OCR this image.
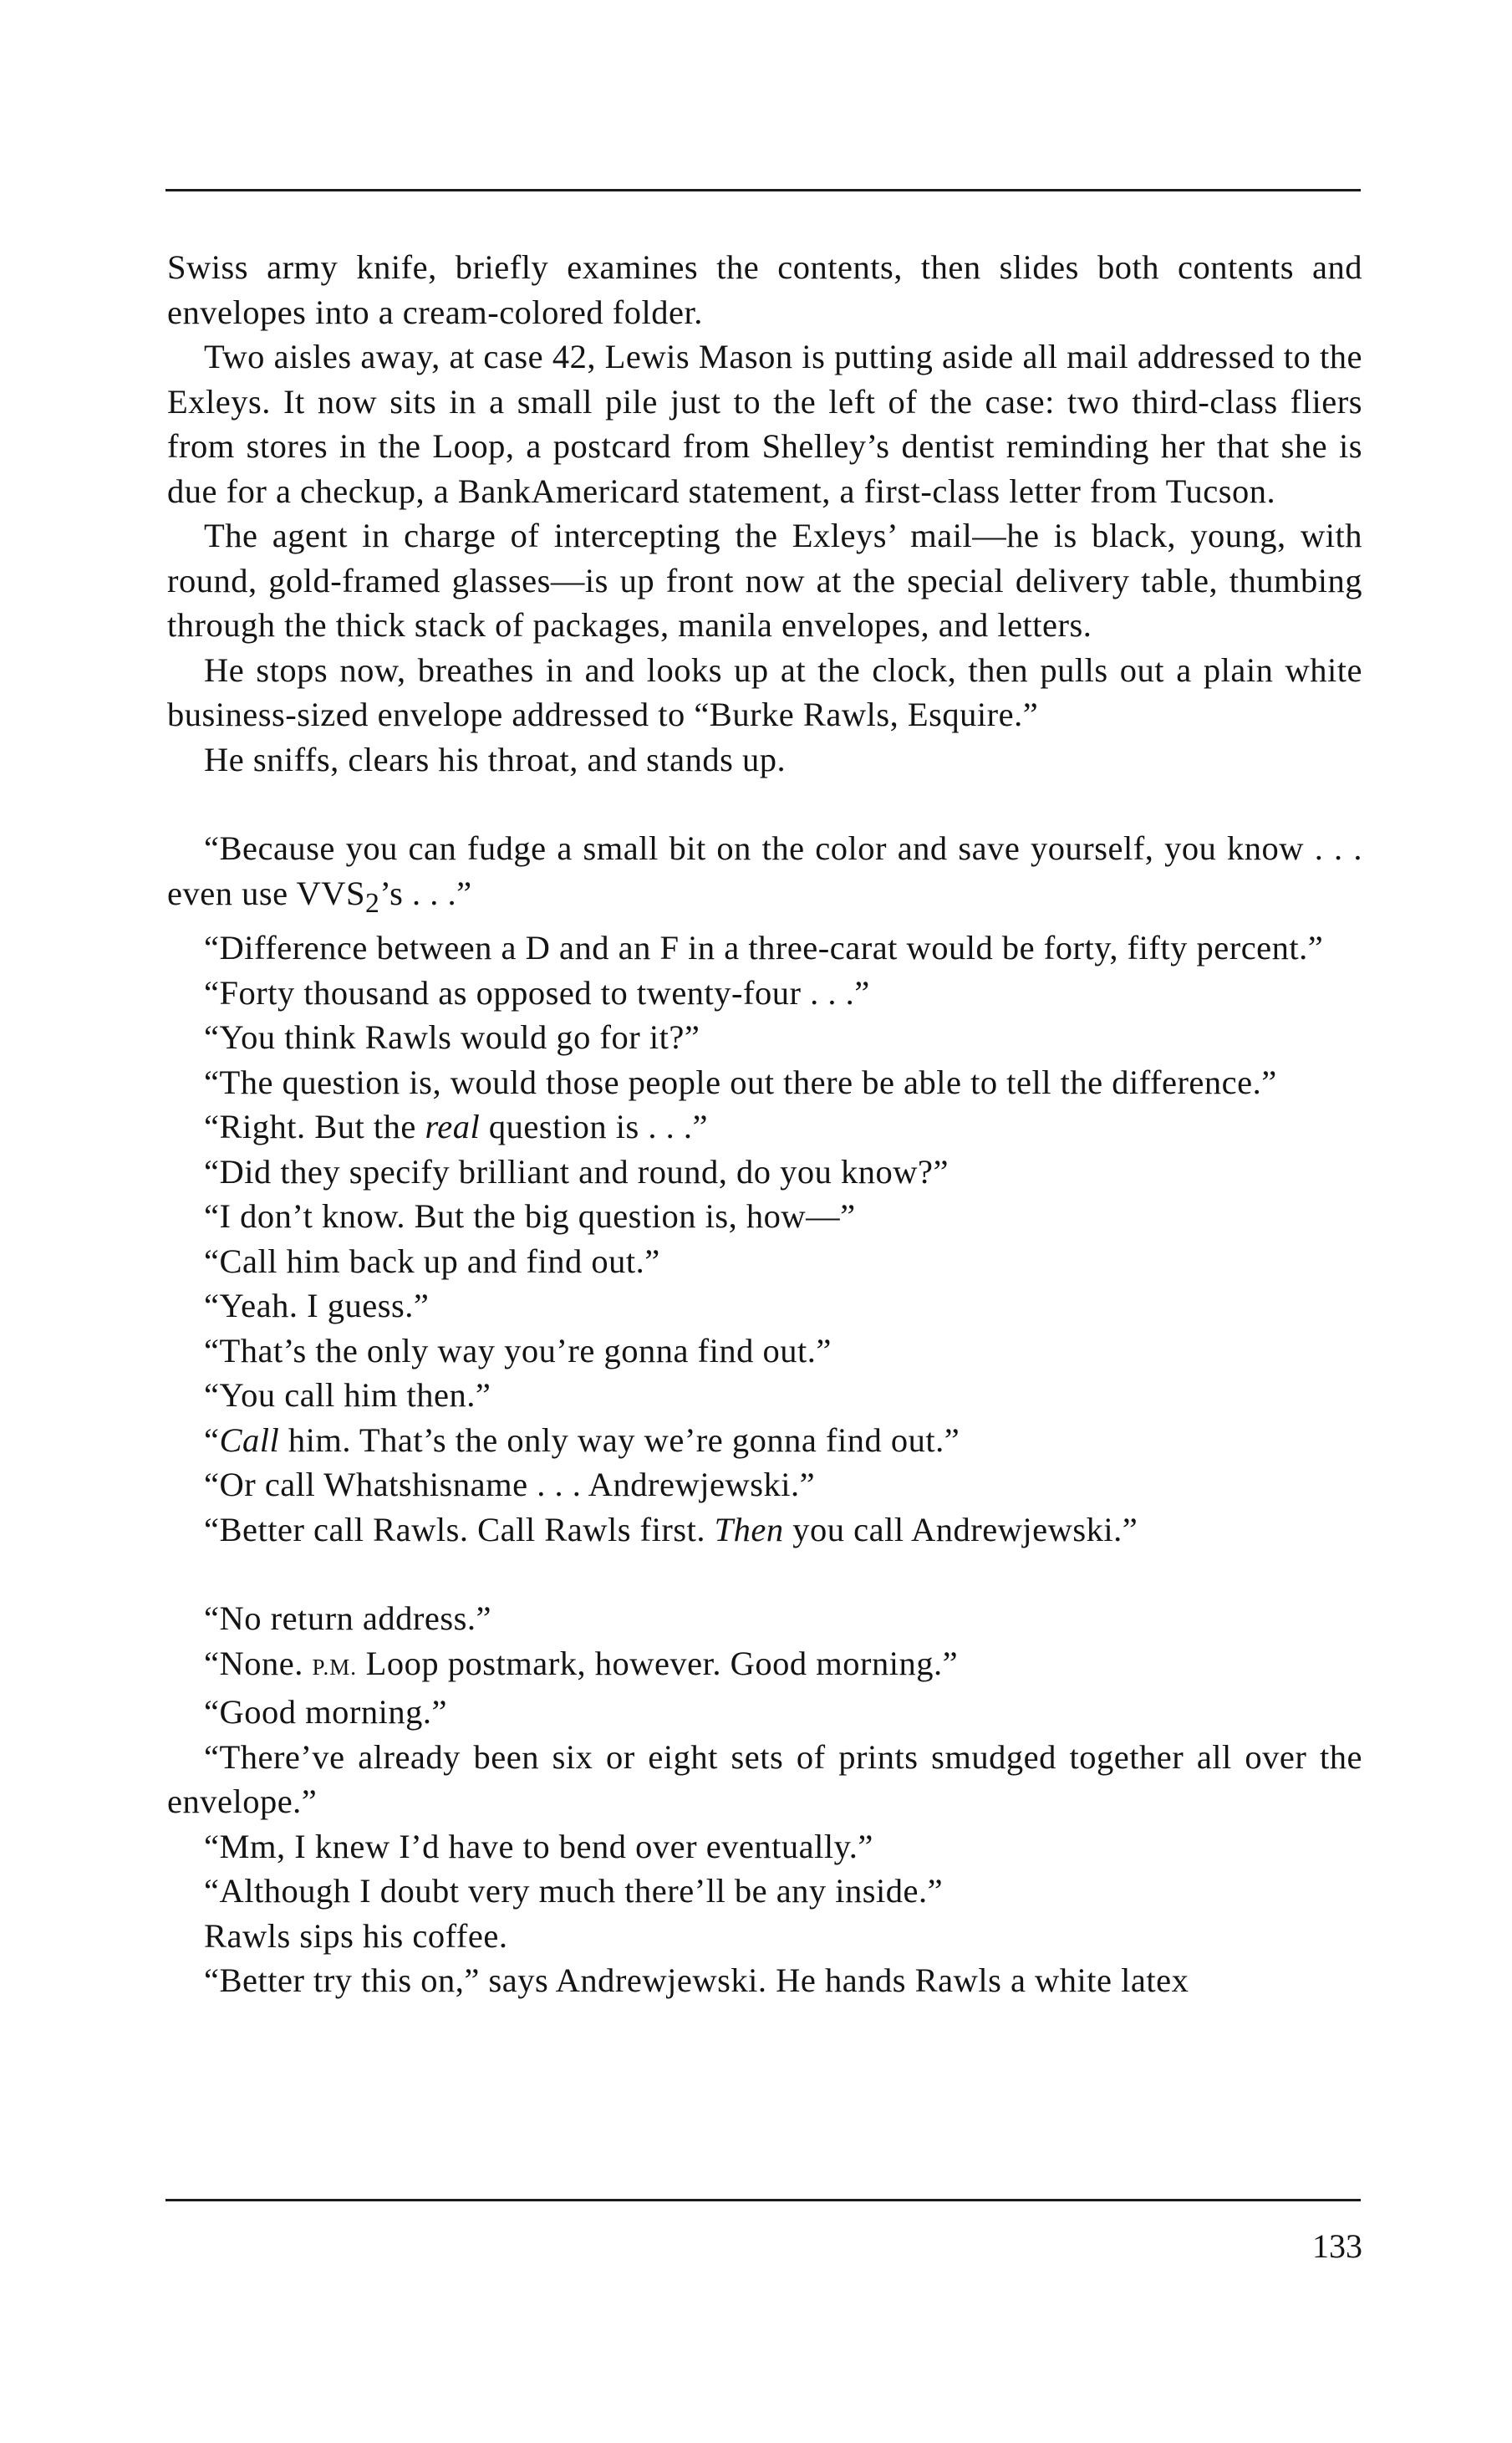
Swiss army knife, briefly examines the contents, then slides both contents and envelopes into a cream-colored folder.

Two aisles away, at case 42, Lewis Mason is putting aside all mail addressed to the Exleys. It now sits in a small pile just to the left of the case: two third-class fliers from stores in the Loop, a postcard from Shelley’s dentist reminding her that she is due for a checkup, a BankAmericard statement, a first-class letter from Tucson.

The agent in charge of intercepting the Exleys’ mail—he is black, young, with round, gold-framed glasses—is up front now at the special delivery table, thumbing through the thick stack of packages, manila envelopes, and letters.

He stops now, breathes in and looks up at the clock, then pulls out a plain white business-sized envelope addressed to “Burke Rawls, Esquire.”

He sniffs, clears his throat, and stands up.

“Because you can fudge a small bit on the color and save yourself, you know . . . even use $VVS_2’s$ . . .”

“Difference between a D and an F in a three-carat would be forty, fifty percent.”

“Forty thousand as opposed to twenty-four . . .”

“You think Rawls would go for it?”

“The question is, would those people out there be able to tell the difference.”

“Right. But the real question is . . .”

“Did they specify brilliant and round, do you know?”

“I don’t know. But the big question is, how—”

“Call him back up and find out.”

“Yeah. I guess.”

“That’s the only way you’re gonna find out.”

“You call him then.”

“Call him. That’s the only way we’re gonna find out.”

“Or call Whatshisname . . . Andrewjewski.”

“Better call Rawls. Call Rawls first. Then you call Andrewjewski.”

“No return address.”

“None. P.M. Loop postmark, however. Good morning.”

“Good morning.”

“There’ve already been six or eight sets of prints smudged together all over the envelope.”

“Mm, I knew I’d have to bend over eventually.”

“Although I doubt very much there’ll be any inside.”

Rawls sips his coffee.

“Better try this on,” says Andrewjewski. He hands Rawls a white latex

133
